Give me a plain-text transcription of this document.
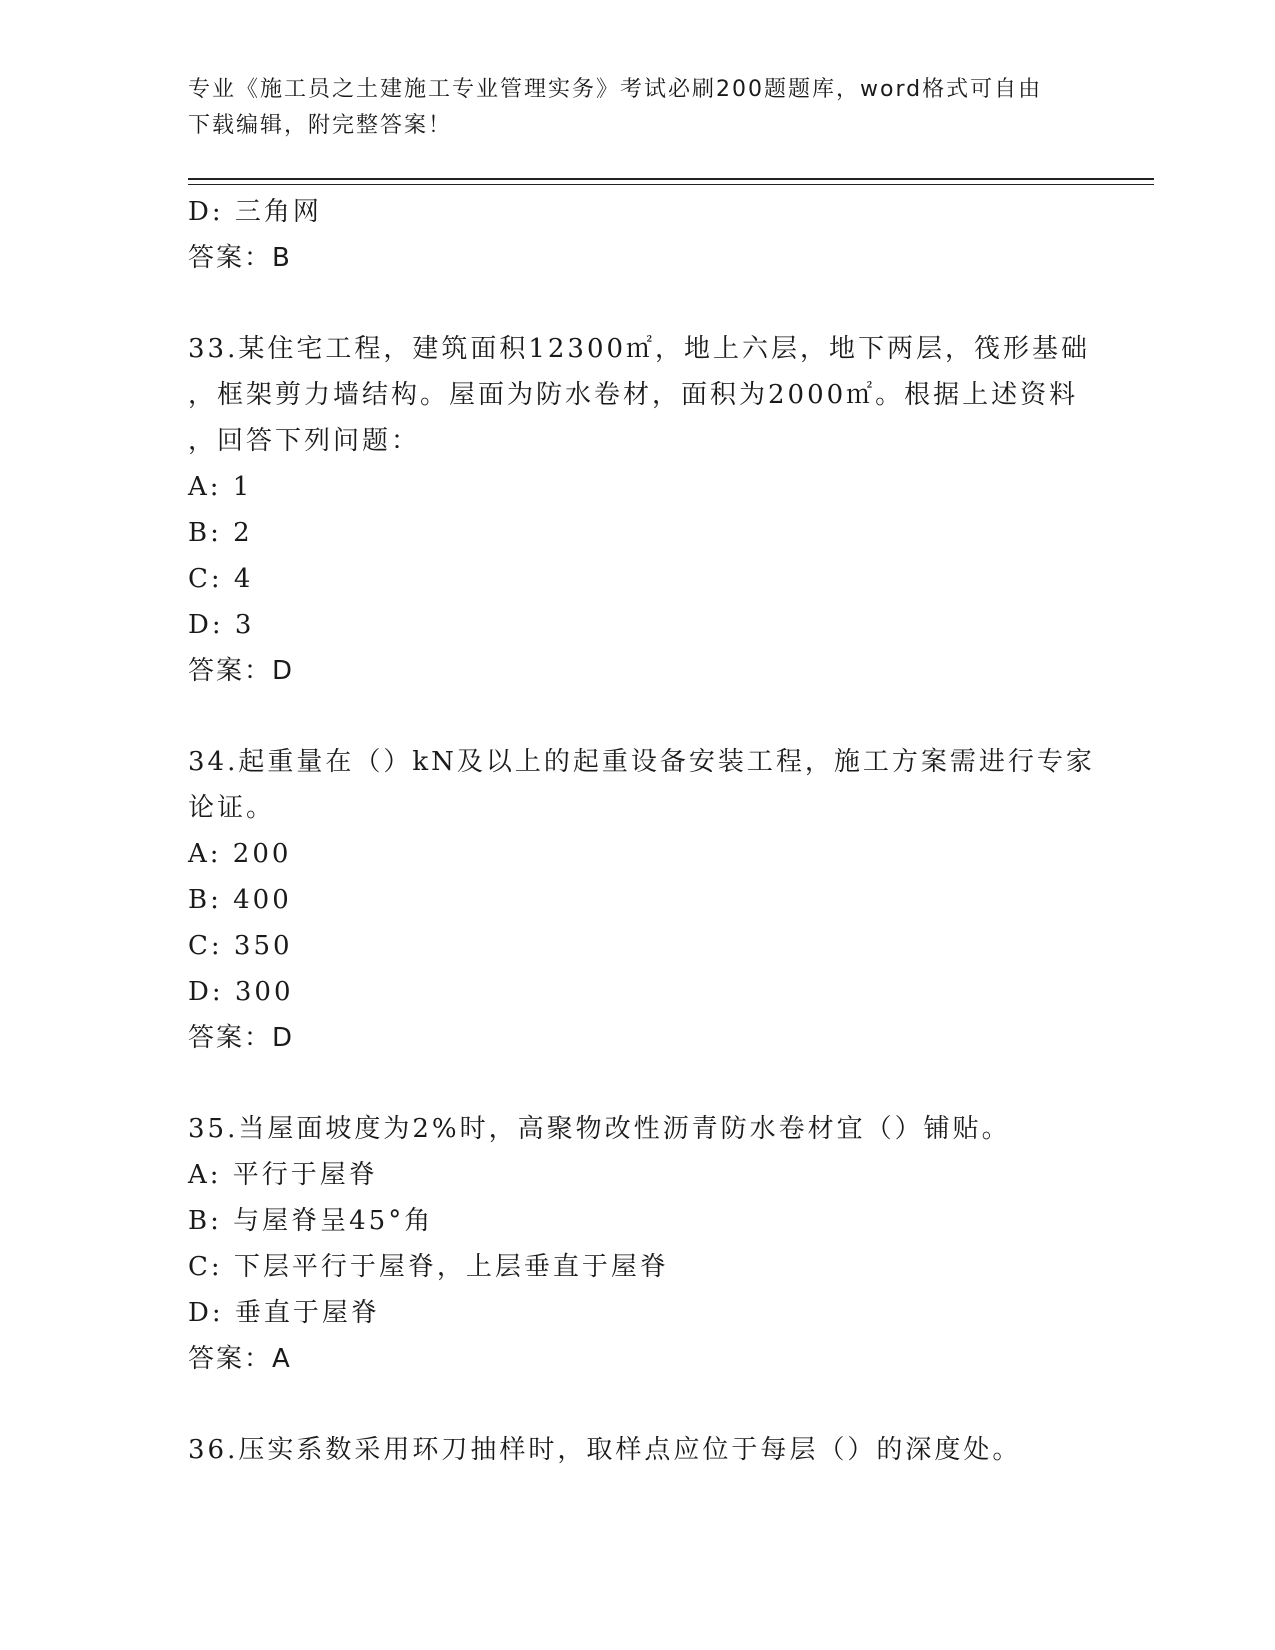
专业《施工员之土建施工专业管理实务》考试必刷200题题库，word格式可自由
下载编辑，附完整答案！
D: 三角网
答案：B
33.某住宅工程，建筑面积12300㎡，地上六层，地下两层，筏形基础
，框架剪力墙结构。屋面为防水卷材，面积为2000㎡。根据上述资料
，回答下列问题：
A: 1
B: 2
C: 4
D: 3
答案：D
34.起重量在（）kN及以上的起重设备安装工程，施工方案需进行专家
论证。
A: 200
B: 400
C: 350
D: 300
答案：D
35.当屋面坡度为2%时，高聚物改性沥青防水卷材宜（）铺贴。
A: 平行于屋脊
B: 与屋脊呈45°角
C: 下层平行于屋脊，上层垂直于屋脊
D: 垂直于屋脊
答案：A
36.压实系数采用环刀抽样时，取样点应位于每层（）的深度处。
